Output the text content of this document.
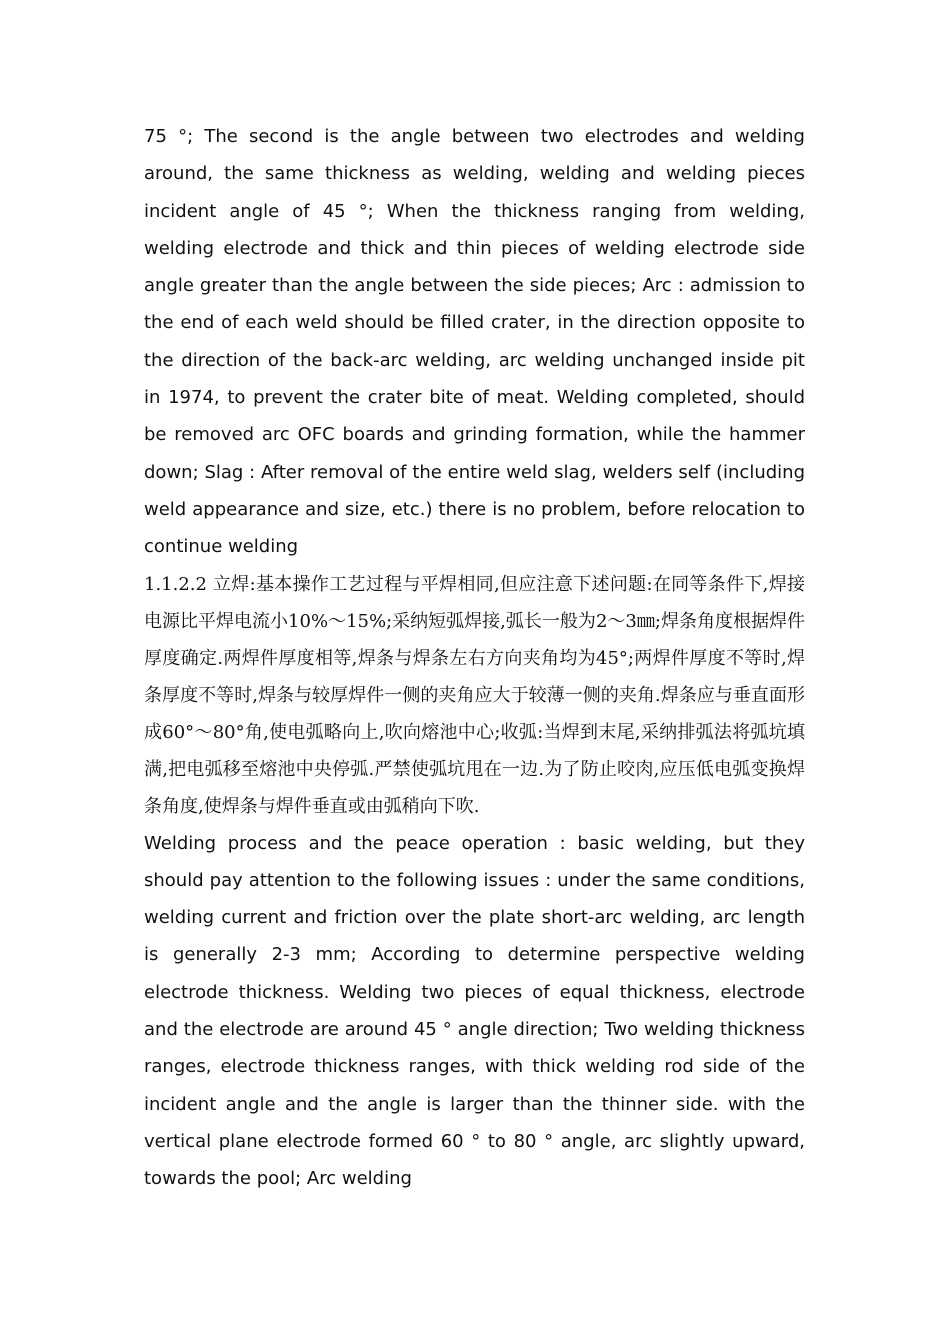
75 °; The second is the angle between two electrodes and welding around, the same thickness as welding, welding and welding pieces incident angle of 45 °; When the thickness ranging from welding, welding electrode and thick and thin pieces of welding electrode side angle greater than the angle between the side pieces; Arc : admission to the end of each weld should be filled crater, in the direction opposite to the direction of the back-arc welding, arc welding unchanged inside pit in 1974, to prevent the crater bite of meat. Welding completed, should be removed arc OFC boards and grinding formation, while the hammer down; Slag : After removal of the entire weld slag, welders self (including weld appearance and size, etc.) there is no problem, before relocation to continue welding

1.1.2.2 立焊:基本操作工艺过程与平焊相同,但应注意下述问题:在同等条件下,焊接电源比平焊电流小10%～15%;采纳短弧焊接,弧长一般为2～3㎜;焊条角度根据焊件厚度确定.两焊件厚度相等,焊条与焊条左右方向夹角均为45°;两焊件厚度不等时,焊条厚度不等时,焊条与较厚焊件一侧的夹角应大于较薄一侧的夹角.焊条应与垂直面形成60°～80°角,使电弧略向上,吹向熔池中心;收弧:当焊到末尾,采纳排弧法将弧坑填满,把电弧移至熔池中央停弧.严禁使弧坑甩在一边.为了防止咬肉,应压低电弧变换焊条角度,使焊条与焊件垂直或由弧稍向下吹.

Welding process and the peace operation : basic welding, but they should pay attention to the following issues : under the same conditions, welding current and friction over the plate short-arc welding, arc length is generally 2-3 mm; According to determine perspective welding electrode thickness. Welding two pieces of equal thickness, electrode and the electrode are around 45 ° angle direction; Two welding thickness ranges, electrode thickness ranges, with thick welding rod side of the incident angle and the angle is larger than the thinner side. with the vertical plane electrode formed 60 ° to 80 ° angle, arc slightly upward, towards the pool; Arc welding
